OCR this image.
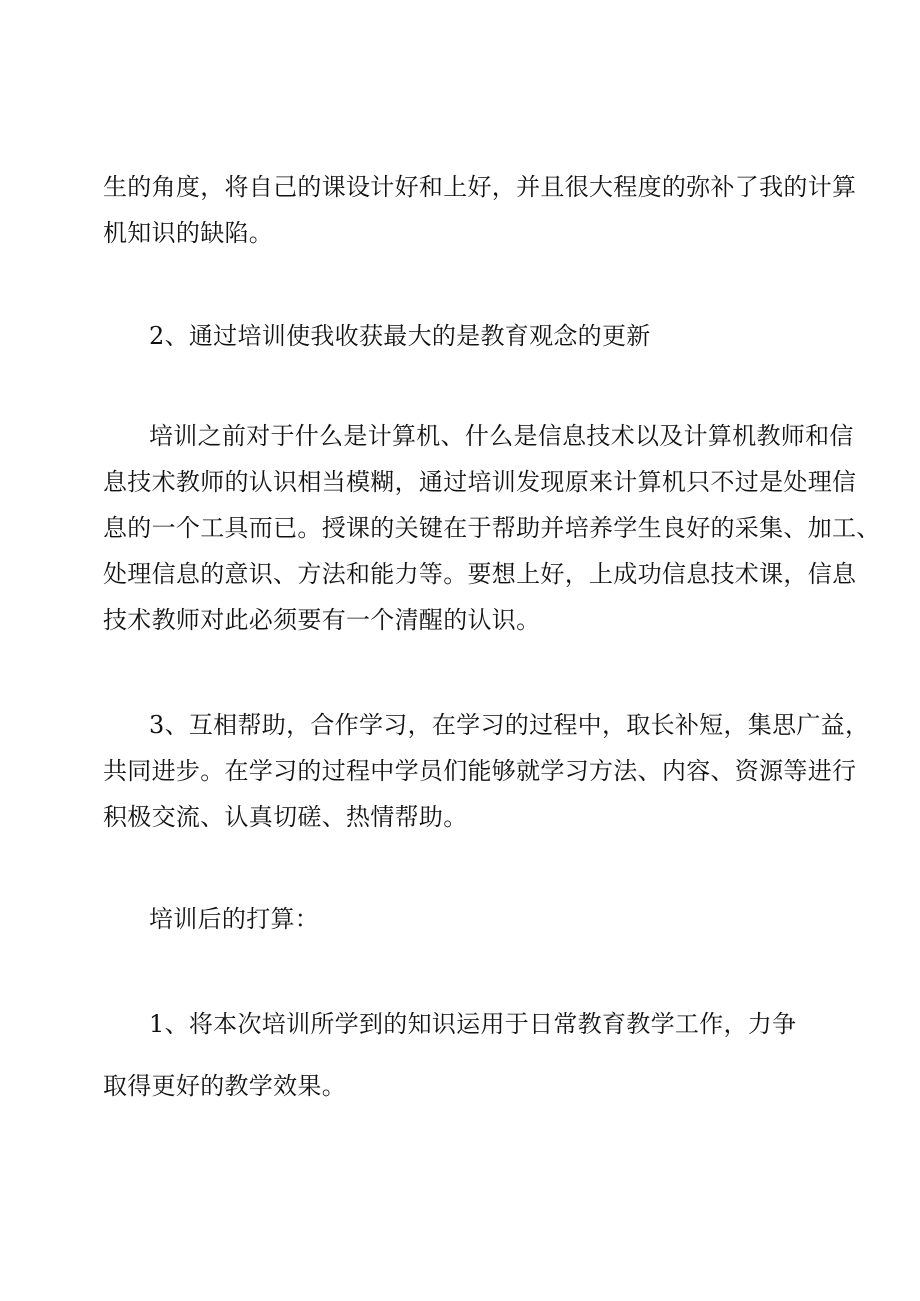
生的角度，将自己的课设计好和上好，并且很大程度的弥补了我的计算
机知识的缺陷。
2、通过培训使我收获最大的是教育观念的更新
培训之前对于什么是计算机、什么是信息技术以及计算机教师和信
息技术教师的认识相当模糊，通过培训发现原来计算机只不过是处理信
息的一个工具而已。授课的关键在于帮助并培养学生良好的采集、加工、
处理信息的意识、方法和能力等。要想上好，上成功信息技术课，信息
技术教师对此必须要有一个清醒的认识。
3、互相帮助，合作学习，在学习的过程中，取长补短，集思广益，
共同进步。在学习的过程中学员们能够就学习方法、内容、资源等进行
积极交流、认真切磋、热情帮助。
培训后的打算：
1、将本次培训所学到的知识运用于日常教育教学工作，力争
取得更好的教学效果。
